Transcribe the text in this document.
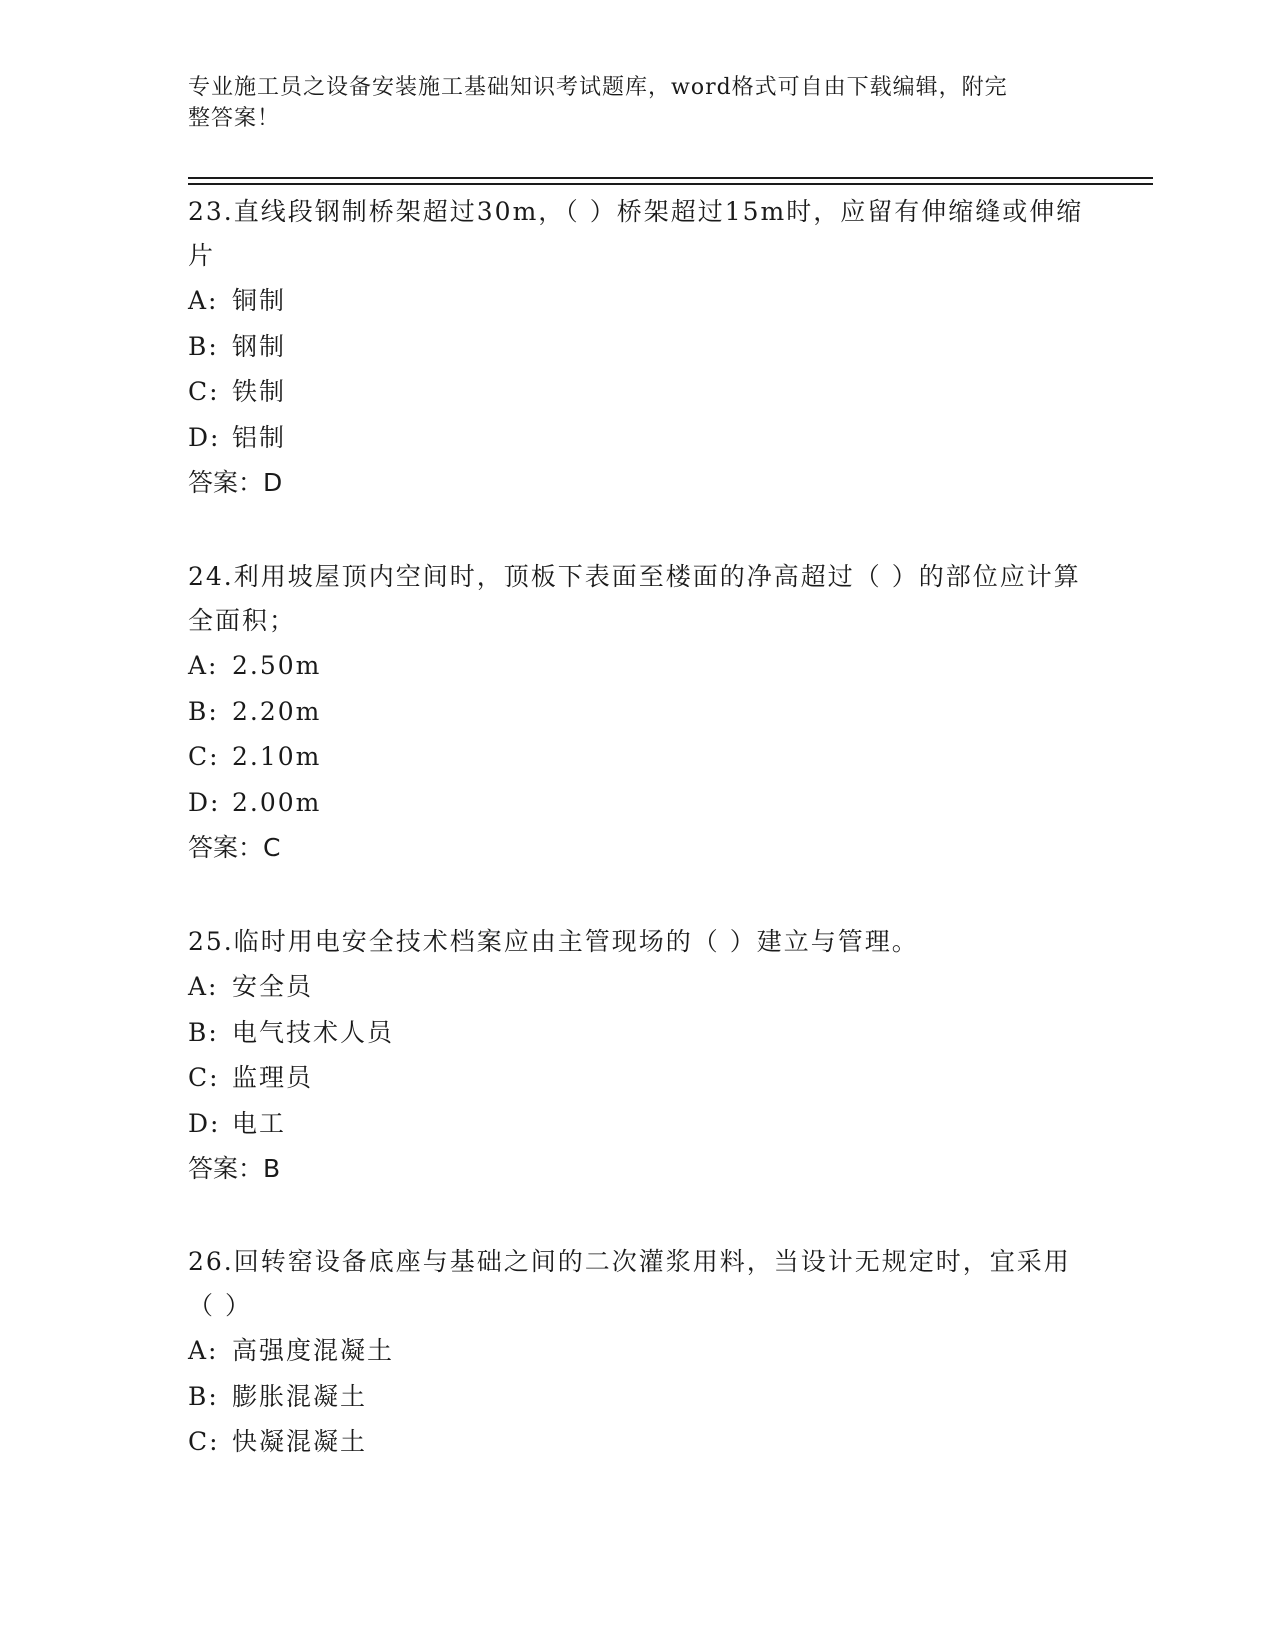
专业施工员之设备安装施工基础知识考试题库，word格式可自由下载编辑，附完
整答案！
23.直线段钢制桥架超过30m，（ ）桥架超过15m时，应留有伸缩缝或伸缩片
A: 铜制
B: 钢制
C: 铁制
D: 铝制
答案：D
24.利用坡屋顶内空间时，顶板下表面至楼面的净高超过（ ）的部位应计算全面积；
A: 2.50m
B: 2.20m
C: 2.10m
D: 2.00m
答案：C
25.临时用电安全技术档案应由主管现场的（ ）建立与管理。
A: 安全员
B: 电气技术人员
C: 监理员
D: 电工
答案：B
26.回转窑设备底座与基础之间的二次灌浆用料，当设计无规定时，宜采用（ ）
A: 高强度混凝土
B: 膨胀混凝土
C: 快凝混凝土
